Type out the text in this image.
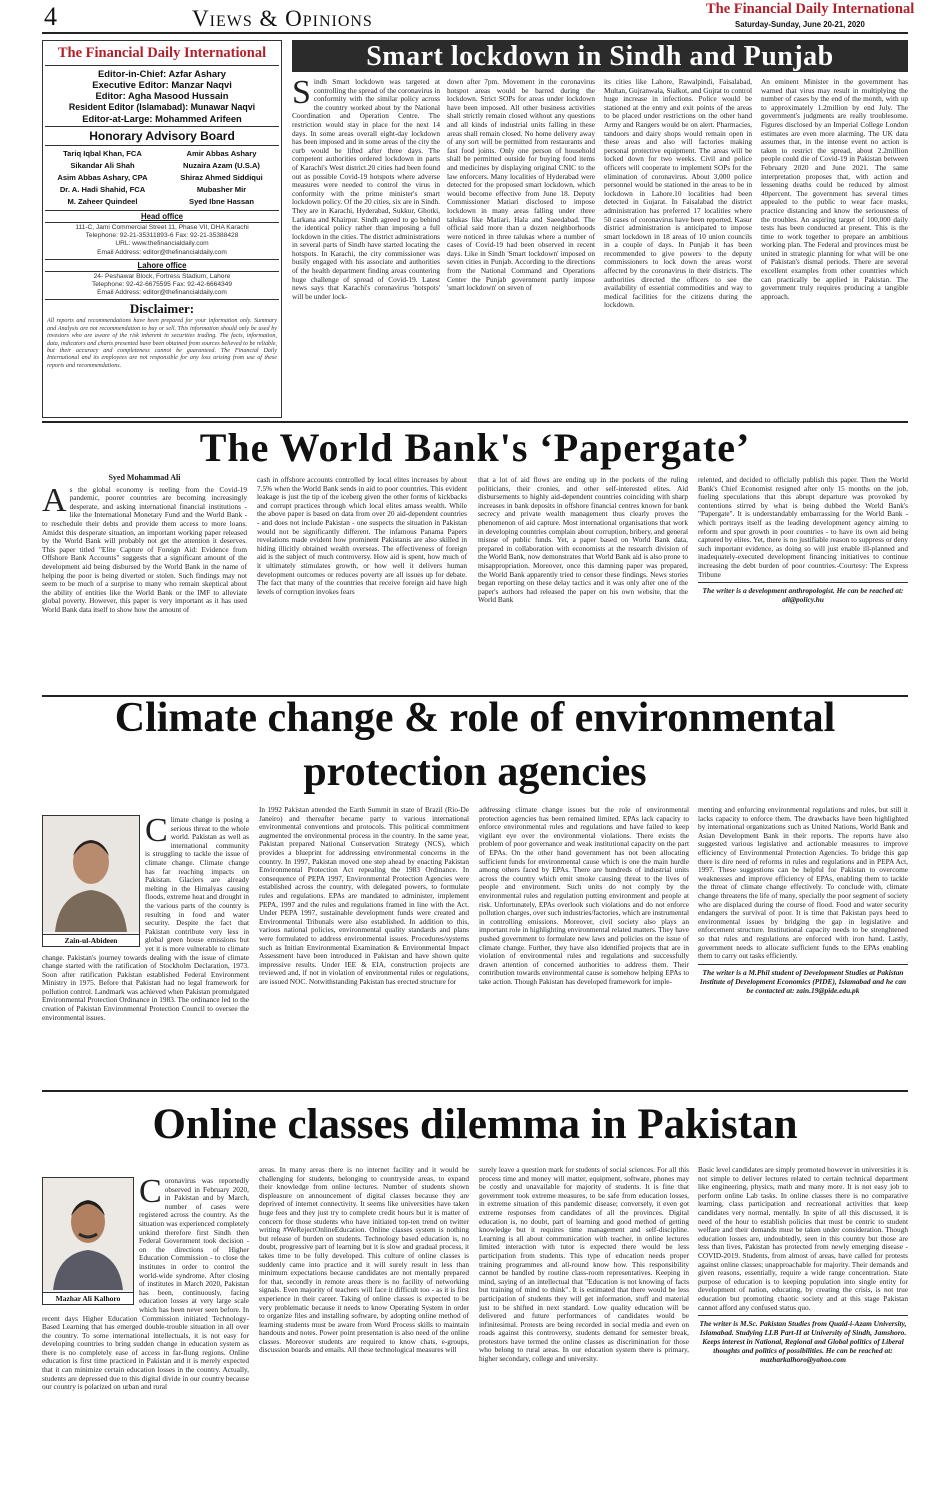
4	Views & Opinions	The Financial Daily International
Saturday-Sunday, June 20-21, 2020
The Financial Daily International
Editor-in-Chief: Azfar Ashary
Executive Editor: Manzar Naqvi
Editor: Agha Masood Hussain
Resident Editor (Islamabad): Munawar Naqvi
Editor-at-Large: Mohammed Arifeen
Honorary Advisory Board
Tariq Iqbal Khan, FCA
Sikandar Ali Shah
Asim Abbas Ashary, CPA
Dr. A. Hadi Shahid, FCA
M. Zaheer Quindeel
Amir Abbas Ashary
Nuzaira Azam (U.S.A)
Shiraz Ahmed Siddiqui
Mubasher Mir
Syed Ibne Hassan
Head office
111-C, Jami Commercial Street 11, Phase VII, DHA Karachi
Telephone: 92-21-35311893-6 Fax: 92-21-35388428
URL: www.thefinancialdaily.com
Email Address: editor@thefinancialdaily.com
Lahore office
24- Peshawar Block, Fortress Stadium, Lahore
Telephone: 92-42-6675595 Fax: 92-42-6664349
Email Address: editor@thefinancialdaily.com
Disclaimer:
All reports and recommendations have been prepared for your information only. Summary and Analysis are not recommendation to buy or sell. This information should only be used by investors who are aware of the risk inherent in securities trading. The facts, information, data, indicators and charts presented have been obtained from sources believed to be reliable, but their accuracy and completeness cannot be guaranteed. The Financial Daily International and its employees are not responsible for any loss arising from use of these reports and recommendations.
Smart lockdown in Sindh and Punjab
Sindh Smart lockdown was targeted at controlling the spread of the coronavirus in conformity with the similar policy across the country worked about by the National Coordination and Operation Centre. The restriction would stay in place for the next 14 days. In some areas overall eight-day lockdown has been imposed and in some areas of the city the curb would be lifted after three days. The competent authorities ordered lockdown in parts of Karachi's West district.20 cities had been found out as possible Covid-19 hotspots where adverse measures were needed to control the virus in conformity with the prime minister's smart lockdown policy. Of the 20 cities, six are in Sindh. They are in Karachi, Hyderabad, Sukkur, Ghotki, Larkana and Khairpur. Sindh agreed to go behind the identical policy rather than imposing a full lockdown in the cities. The district administrations in several parts of Sindh have started locating the hotspots. In Karachi, the city commissioner was busily engaged with his associate and authorities of the health department finding areas countering huge challenge of spread of Covid-19. Latest news says that Karachi's coronavirus 'hotspots' will be under lock-
down after 7pm. Movement in the coronavirus hotspot areas would be barred during the lockdown. Strict SOPs for areas under lockdown have been imposed. All other business activities shall strictly remain closed without any questions and all kinds of industrial units falling in these areas shall remain closed. No home delivery away of any sort will be permitted from restaurants and fast food joints. Only one person of household shall be permitted outside for buying food items and medicines by displaying original CNIC to the law enforcers. Many localities of Hyderabad were detected for the proposed smart lockdown, which would become effective from June 18. Deputy Commissioner Matiari disclosed to impose lockdown in many areas falling under three talukas like Matiari, Hala and Saeedabad. The official said more than a dozen neighborhoods were noticed in three talukas where a number of cases of Covid-19 had been observed in recent days. Like in Sindh 'Smart lockdown' imposed on seven cities in Punjab. According to the directions from the National Command and Operations Center the Punjab government partly impose 'smart lockdown' on seven of
its cities like Lahore, Rawalpindi, Faisalabad, Multan, Gujranwala, Sialkot, and Gujrat to control huge increase in infections. Police would be stationed at the entry and exit points of the areas to be placed under restrictions on the other hand Army and Rangers would be on alert. Pharmacies, tandoors and dairy shops would remain open in these areas and also will factories making personal protective equipment. The areas will be locked down for two weeks. Civil and police officers will cooperate to implement SOPs for the elimination of coronavirus. About 3,000 police personnel would be stationed in the areas to be in lockdown in Lahore.10 localities had been detected in Gujarat. In Faisalabad the district administration has preferred 17 localities where 50 cases of coronavirus have been reported. Kasur district administration is anticipated to impose smart lockdown in 18 areas of 10 union councils in a couple of days. In Punjab it has been recommended to give powers to the deputy commissioners to lock down the areas worst affected by the coronavirus in their districts. The authorities directed the officers to see the availability of essential commodities and way to medical facilities for the citizens during the lockdown.
An eminent Minister in the government has warned that virus may result in multiplying the number of cases by the end of the month, with up to approximately 1.2million by end July. The government's judgments are really troublesome. Figures disclosed by an Imperial College London estimates are even more alarming. The UK data assumes that, in the intense event no action is taken to restrict the spread, about 2.2million people could die of Covid-19 in Pakistan between February 2020 and June 2021. The same interpretation proposes that, with action and lessening deaths could be reduced by almost 40percent. The government has several times appealed to the public to wear face masks, practice distancing and know the seriousness of the troubles. An aspiring target of 100,000 daily tests has been conducted at present. This is the time to work together to prepare an ambitious working plan. The Federal and provinces must be united in strategic planning for what will be one of Pakistan's dismal periods. There are several excellent examples from other countries which can practically be applied in Pakistan. The government truly requires producing a tangible approach.
The World Bank's ‘Papergate’
Syed Mohammad Ali
A s the global economy is reeling from the Covid-19 pandemic, poorer countries are becoming increasingly desperate, and asking international financial institutions - like the International Monetary Fund and the World Bank - to reschedule their debts and provide them access to more loans. Amidst this desperate situation, an important working paper released by the World Bank will probably not get the attention it deserves. This paper titled "Elite Capture of Foreign Aid: Evidence from Offshore Bank Accounts" suggests that a significant amount of the development aid being disbursed by the World Bank in the name of helping the poor is being diverted or stolen. Such findings may not seem to be much of a surprise to many who remain skeptical about the ability of entities like the World Bank or the IMF to alleviate global poverty. However, this paper is very important as it has used World Bank data itself to show how the amount of
cash in offshore accounts controlled by local elites increases by about 7.5% when the World Bank sends in aid to poor countries. This evident leakage is just the tip of the iceberg given the other forms of kickbacks and corrupt practices through which local elites amass wealth. While the above paper is based on data from over 20 aid-dependent countries - and does not include Pakistan - one suspects the situation in Pakistan would not be significantly different. The infamous Panama Papers revelations made evident how prominent Pakistanis are also skilled in hiding illicitly obtained wealth overseas. The effectiveness of foreign aid is the subject of much controversy. How aid is spent, how much of it ultimately stimulates growth, or how well it delivers human development outcomes or reduces poverty are all issues up for debate. The fact that many of the countries that receive foreign aid have high levels of corruption invokes fears
that a lot of aid flows are ending up in the pockets of the ruling politicians, their cronies, and other self-interested elites. Aid disbursements to highly aid-dependent countries coinciding with sharp increases in bank deposits in offshore financial centres known for bank secrecy and private wealth management thus clearly proves the phenomenon of aid capture. Most international organisations that work in developing countries complain about corruption, bribery, and general misuse of public funds. Yet, a paper based on World Bank data, prepared in collaboration with economists at the research division of the World Bank, now demonstrates that World Bank aid is also prone to misappropriation. Moreover, once this damning paper was prepared, the World Bank apparently tried to censor these findings. News stories began reporting on these delay tactics and it was only after one of the paper's authors had released the paper on his own website, that the World Bank
relented, and decided to officially publish this paper. Then the World Bank's Chief Economist resigned after only 15 months on the job, fueling speculations that this abrupt departure was provoked by contentions stirred by what is being dubbed the World Bank's "Papergate". It is understandably embarrassing for the World Bank - which portrays itself as the leading development agency aiming to reform and spur growth in poor countries - to have its own aid being captured by elites. Yet, there is no justifiable reason to suppress or deny such important evidence, as doing so will just enable ill-planned and inadequately-executed development financing initiatives to continue increasing the debt burden of poor countries.-Courtesy: The Express Tribune
The writer is a development anthropologist. He can be reached at: ali@policy.hu
Climate change & role of environmental
protection agencies
Zain-ul-Abideen
Climate change is posing a serious threat to the whole world. Pakistan as well as international community is struggling to tackle the issue of climate change. Climate change has far reaching impacts on Pakistan. Glaciers are already melting in the Himalyas causing floods, extreme heat and drought in the various parts of the country is resulting in food and water security. Despite the fact that Pakistan contribute very less in global green house emissions but yet it is more vulnerable to climate change. Pakistan's journey towards dealing with the issue of climate change started with the ratification of Stockholm Declaration, 1973. Soon after ratification Pakistan established Federal Environment Ministry in 1975. Before that Pakistan had no legal framework for pollution control. Landmark was achieved when Pakistan promulgated Environmental Protection Ordinance in 1983. The ordinance led to the creation of Pakistan Environmental Protection Council to oversee the environmental issues.
In 1992 Pakistan attended the Earth Summit in state of Brazil (Rio-De Janeiro) and thereafter became party to various international environmental conventions and protocols. This political commitment augmented the environmental process in the country. In the same year, Pakistan prepared National Conservation Strategy (NCS), which provides a blueprint for addressing environmental concerns in the country. In 1997, Pakistan moved one step ahead by enacting Pakistan Environmental Protection Act repealing the 1983 Ordinance. In consequence of PEPA 1997, Environmental Protection Agencies were established across the country, with delegated powers, to formulate rules and regulations. EPAs are mandated to administer, implement PEPA, 1997 and the rules and regulations framed in line with the Act. Under PEPA 1997, sustainable development funds were created and Environmental Tribunals were also established. In addition to this, various national policies, environmental quality standards and plans were formulated to address environmental issues. Procedures/systems such as Initian Environmental Examination & Environmental Impact Assessment have been introduced in Pakistan and have shown quite impressive results. Under IEE & EIA, construction projects are reviewed and, if not in violation of environmental rules or regulations, are issued NOC. Notwithstanding Pakistan has erected structure for
addressing climate change issues but the role of environmental protection agencies has been remained limited. EPAs lack capacity to enforce environmental rules and regulations and have failed to keep vigilant eye over the environmental violations. There exists the problem of poor governance and weak institutional capacity on the part of EPAs. On the other hand government has not been allocating sufficient funds for environmental cause which is one the main hurdle among others faced by EPAs. There are hundreds of industrial units across the country which emit smoke causing threat to the lives of people and environment. Such units do not comply by the environmental rules and regulation putting environment and people at risk. Unfortunately, EPAs overlook such violations and do not enforce pollution charges, over such industries/factories, which are instrumental in controlling emissions. Moreover, civil society also plays an important role in highlighting environmental related matters. They have pushed government to formulate new laws and policies on the issue of climate change. Further, they have also identified projects that are in violation of environmental rules and regulations and successfully drawn attention of concerned authorities to address them. Their contribution towards environmental cause is somehow helping EPAs to take action. Though Pakistan has developed framework for imple-
menting and enforcing environmental regulations and rules, but still it lacks capacity to enforce them. The drawbacks have been highlighted by international organizations such as United Nations, World Bank and Asian Development Bank in their reports. The reports have also suggested various legislative and actionable measures to improve efficiency of Environmental Protection Agencies. To bridge this gap there is dire need of reforms in rules and regulations and in PEPA Act, 1997. These suggestions can be helpful for Pakistan to overcome weaknesses and improve efficiency of EPAs, enabling them to tackle the threat of climate change effectively. To conclude with, climate change threatens the life of many, specially the poor segment of society who are displaced during the course of flood. Food and water security endangers the survival of poor. It is time that Pakistan pays heed to environmental issues by bridging the gap in legislative and enforcement structure. Institutional capacity needs to be strenghtened so that rules and regulations are enforced with iron hand. Lastly, government needs to allocate sufficient funds to the EPAs enabling them to carry out tasks efficiently.
The writer is a M.Phil student of Development Studies at Pakistan Institute of Development Economics (PIDE), Islamabad and he can be contacted at: zain.19@pide.edu.pk
Online classes dilemma in Pakistan
Mazhar Ali Kalhoro
Coronavirus was reportedly observed in February 2020, in Pakistan and by March, number of cases were registered across the country. As the situation was experienced completely unkind therefore first Sindh then Federal Government took decision - on the directions of Higher Education Commission - to close the institutes in order to control the world-wide syndrome. After closing of institutes in March 2020, Pakistan has been, continuously, facing education losses at very large scale which has been never seen before. In recent days Higher Education Commission initiated Technology-Based Learning that has emerged double-trouble situation in all over the country. To some international intellectuals, it is not easy for developing countries to bring sudden change in education system as there is no completely ease of access in far-flung regions. Online education is first time practiced in Pakistan and it is merely expected that it can minimize certain education losses in the country. Actually, students are depressed due to this digital divide in our country because our country is polarized on urban and rural
areas. In many areas there is no internet facility and it would be challenging for students, belonging to countryside areas, to expand their knowledge from online lectures. Number of students shown displeasure on announcement of digital classes because they are deprived of internet connectivity. It seems like universities have taken huge fees and they just try to complete credit hours but it is matter of concern for those students who have initiated top-ten trend on twitter writing #WeRejectOnlineEducation. Online classes system is nothing but release of burden on students. Technology based education is, no doubt, progressive part of learning but it is slow and gradual process, it takes time to be fully developed. This culture of online classes is suddenly came into practice and it will surely result in less than minimum expectations because candidates are not mentally prepared for that, secondly in remote areas there is no facility of networking signals. Even majority of teachers will face it difficult too - as it is first experience in their career. Taking of online classes is expected to be very problematic because it needs to know Operating System in order to organize files and installing software, by adopting online method of learning students must be aware from Word Process skills to maintain handouts and notes. Power point presentation is also need of the online classes. Moreover students are required to know chats, e-groups, discussion boards and emails. All these technological measures will
surely leave a question mark for students of social sciences. For all this process time and money will matter, equipment, software, phones may be costly and unavailable for majority of students. It is fine that government took extreme measures, to be safe from education losses, in extreme situation of this pandemic disease; conversely, it even got extreme responses from candidates of all the provinces. Digital education is, no doubt, part of learning and good method of getting knowledge but it requires time management and self-discipline. Learning is all about communication with teacher, in online lectures limited interaction with tutor is expected there would be less participation from students. This type of education needs proper training programmes and all-round know how. This responsibility cannot be handled by routine class-room representatives. Keeping in mind, saying of an intellectual that "Education is not knowing of facts but training of mind to think". It is estimated that there would be less participation of students they will get information, stuff and material just to be shifted in next standard. Low quality education will be delivered and future performances of candidates would be infinitesimal. Protests are being recorded in social media and even on roads against this controversy, students demand for semester break, protestors have termed the online classes as discrimination for those who belong to rural areas. In our education system there is primary, higher secondary, college and university.
Basic level candidates are simply promoted however in universities it is not simple to deliver lectures related to certain technical department like engineering, physics, math and many more. It is not easy job to perform online Lab tasks. In online classes there is no comparative learning, class participation and recreational activities that keep candidates very normal, mentally. In spite of all this discussed, it is need of the hour to establish policies that must be centric to student welfare and their demands must be taken under consideration. Though education losses are, undoubtedly, seen in this country but those are less than lives, Pakistan has protected from newly emerging disease - COVID-2019. Students, from almost of areas, have called for protests against online classes; unapproachable for majority. Their demands and given reasons, essentially, require a wide range concentration. State purpose of education is to keeping population into single entity for development of nation, educating, by creating the crisis, is not true education but promoting chaotic society and at this stage Pakistan cannot afford any confused status quo.
The writer is M.Sc. Pakistan Studies from Quaid-i-Azam University, Islamabad. Studying LLB Part-II at University of Sindh, Jamshoro. Keeps interest in National, Regional and Global politics of Liberal thoughts and politics of possibilities. He can be reached at: mazharkalhoro@yahoo.com
